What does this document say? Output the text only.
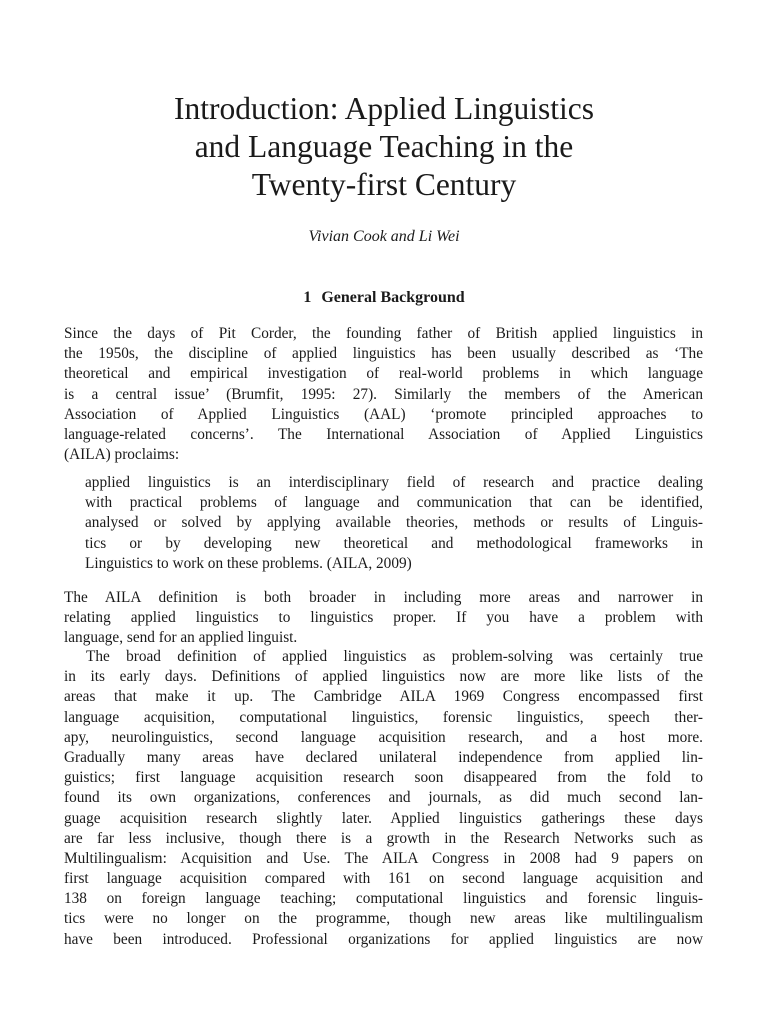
Introduction: Applied Linguistics
and Language Teaching in the
Twenty-first Century
Vivian Cook and Li Wei
1 General Background
Since the days of Pit Corder, the founding father of British applied linguistics in
the 1950s, the discipline of applied linguistics has been usually described as ‘The
theoretical and empirical investigation of real-world problems in which language
is a central issue’ (Brumfit, 1995: 27). Similarly the members of the American
Association of Applied Linguistics (AAL) ‘promote principled approaches to
language-related concerns’. The International Association of Applied Linguistics
(AILA) proclaims:
applied linguistics is an interdisciplinary field of research and practice dealing
with practical problems of language and communication that can be identified,
analysed or solved by applying available theories, methods or results of Linguis-
tics or by developing new theoretical and methodological frameworks in
Linguistics to work on these problems. (AILA, 2009)
The AILA definition is both broader in including more areas and narrower in
relating applied linguistics to linguistics proper. If you have a problem with
language, send for an applied linguist.
The broad definition of applied linguistics as problem-solving was certainly true
in its early days. Definitions of applied linguistics now are more like lists of the
areas that make it up. The Cambridge AILA 1969 Congress encompassed first
language acquisition, computational linguistics, forensic linguistics, speech ther-
apy, neurolinguistics, second language acquisition research, and a host more.
Gradually many areas have declared unilateral independence from applied lin-
guistics; first language acquisition research soon disappeared from the fold to
found its own organizations, conferences and journals, as did much second lan-
guage acquisition research slightly later. Applied linguistics gatherings these days
are far less inclusive, though there is a growth in the Research Networks such as
Multilingualism: Acquisition and Use. The AILA Congress in 2008 had 9 papers on
first language acquisition compared with 161 on second language acquisition and
138 on foreign language teaching; computational linguistics and forensic linguis-
tics were no longer on the programme, though new areas like multilingualism
have been introduced. Professional organizations for applied linguistics are now
